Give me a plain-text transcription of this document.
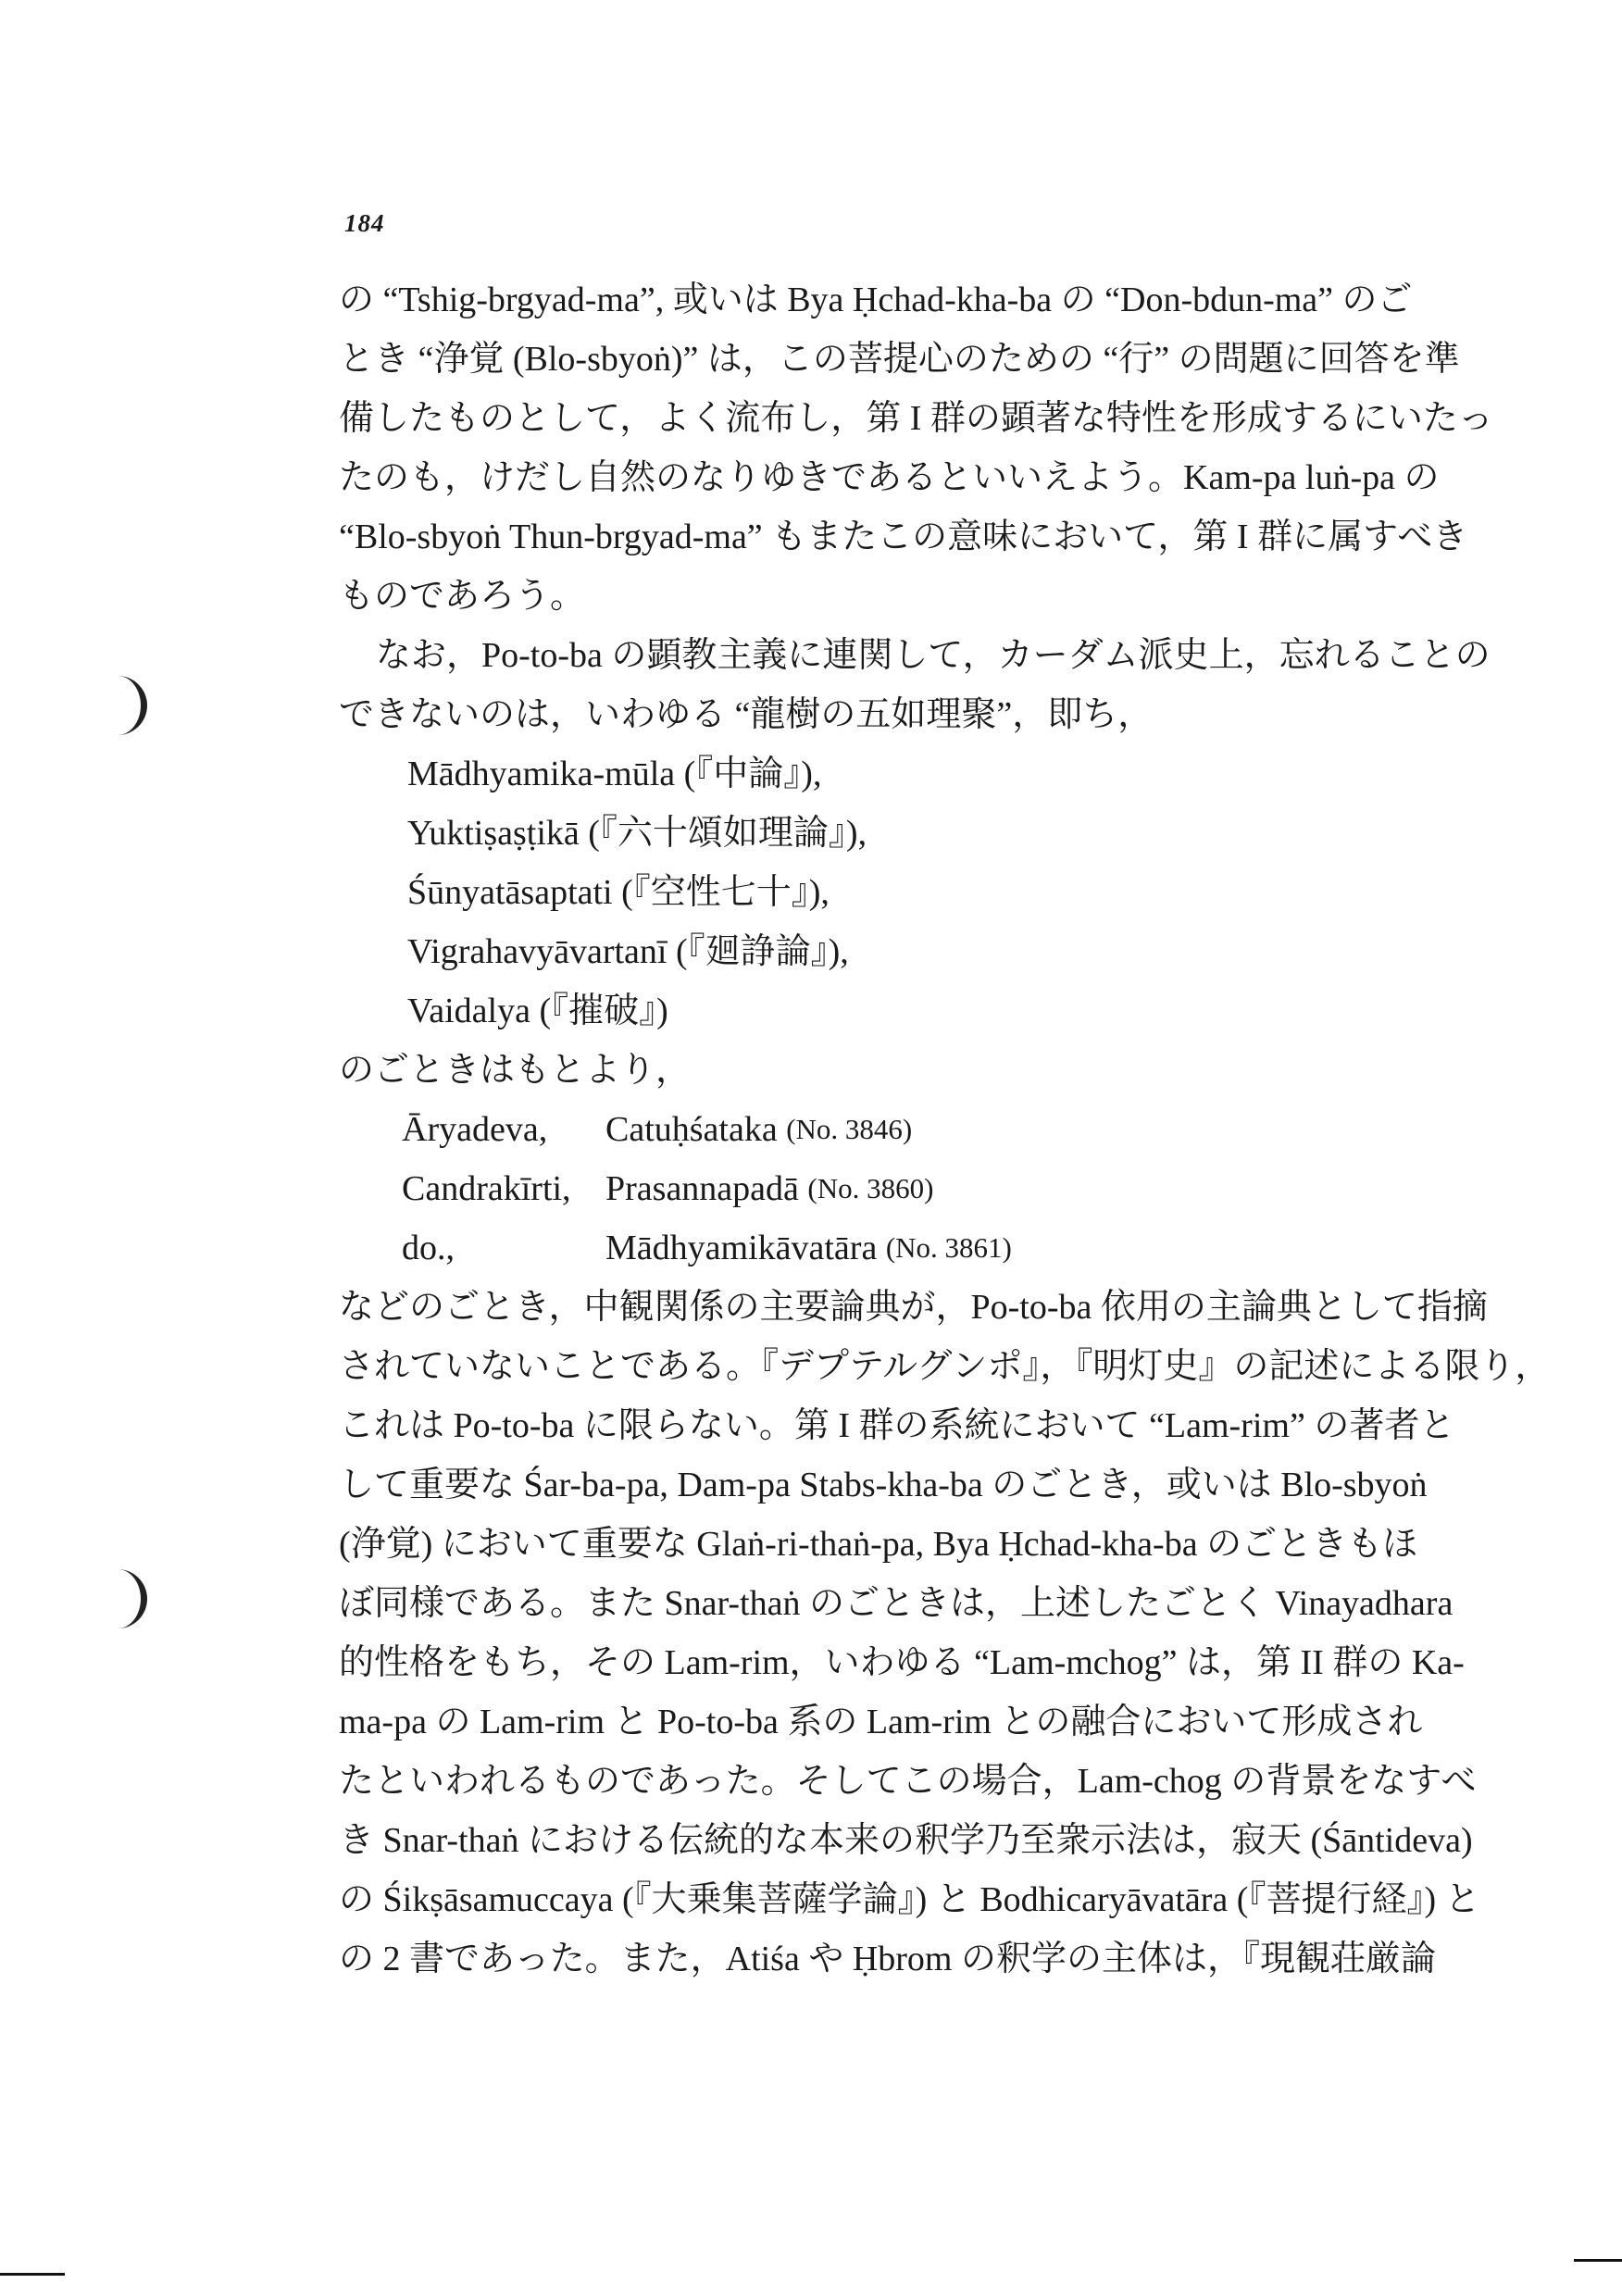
184
の “Tshig-brgyad-ma”, 或いは Bya Ḥchad-kha-ba の “Don-bdun-ma” のご
とき “浄覚 (Blo-sbyoṅ)” は，この菩提心のための “行” の問題に回答を準
備したものとして，よく流布し，第 I 群の顕著な特性を形成するにいたっ
たのも，けだし自然のなりゆきであるといいえよう。Kam-pa luṅ-pa の
“Blo-sbyoṅ Thun-brgyad-ma” もまたこの意味において，第 I 群に属すべき
ものであろう。
なお，Po-to-ba の顕教主義に連関して，カーダム派史上，忘れることの
できないのは，いわゆる “龍樹の五如理聚”，即ち，
Mādhyamika-mūla (『中論』),
Yuktiṣaṣṭikā (『六十頌如理論』),
Śūnyatāsaptati (『空性七十』),
Vigrahavyāvartanī (『廻諍論』),
Vaidalya (『摧破』)
のごときはもとより，
Āryadeva,	Catuḥśataka
(No. 3846)
Candrakīrti, Prasannapadā
(No. 3860)
do.,	Mādhyamikāvatāra
(No. 3861)
などのごとき，中観関係の主要論典が，Po-to-ba 依用の主論典として指摘
されていないことである。『デプテルグンポ』，『明灯史』の記述による限り，
これは Po-to-ba に限らない。第 I 群の系統において “Lam-rim” の著者と
して重要な Śar-ba-pa, Dam-pa Stabs-kha-ba のごとき，或いは Blo-sbyoṅ
(浄覚) において重要な Glaṅ-ri-thaṅ-pa, Bya Ḥchad-kha-ba のごときもほ
ぼ同様である。また Snar-thaṅ のごときは，上述したごとく Vinayadhara
的性格をもち，その Lam-rim，いわゆる “Lam-mchog” は，第 II 群の Ka-
ma-pa の Lam-rim と Po-to-ba 系の Lam-rim との融合において形成され
たといわれるものであった。そしてこの場合，Lam-chog の背景をなすべ
き Snar-thaṅ における伝統的な本来の釈学乃至衆示法は，寂天 (Śāntideva)
の Śikṣāsamuccaya (『大乗集菩薩学論』) と Bodhicaryāvatāra (『菩提行経』) と
の 2 書であった。また，Atiśa や Ḥbrom の釈学の主体は，『現観荘厳論
